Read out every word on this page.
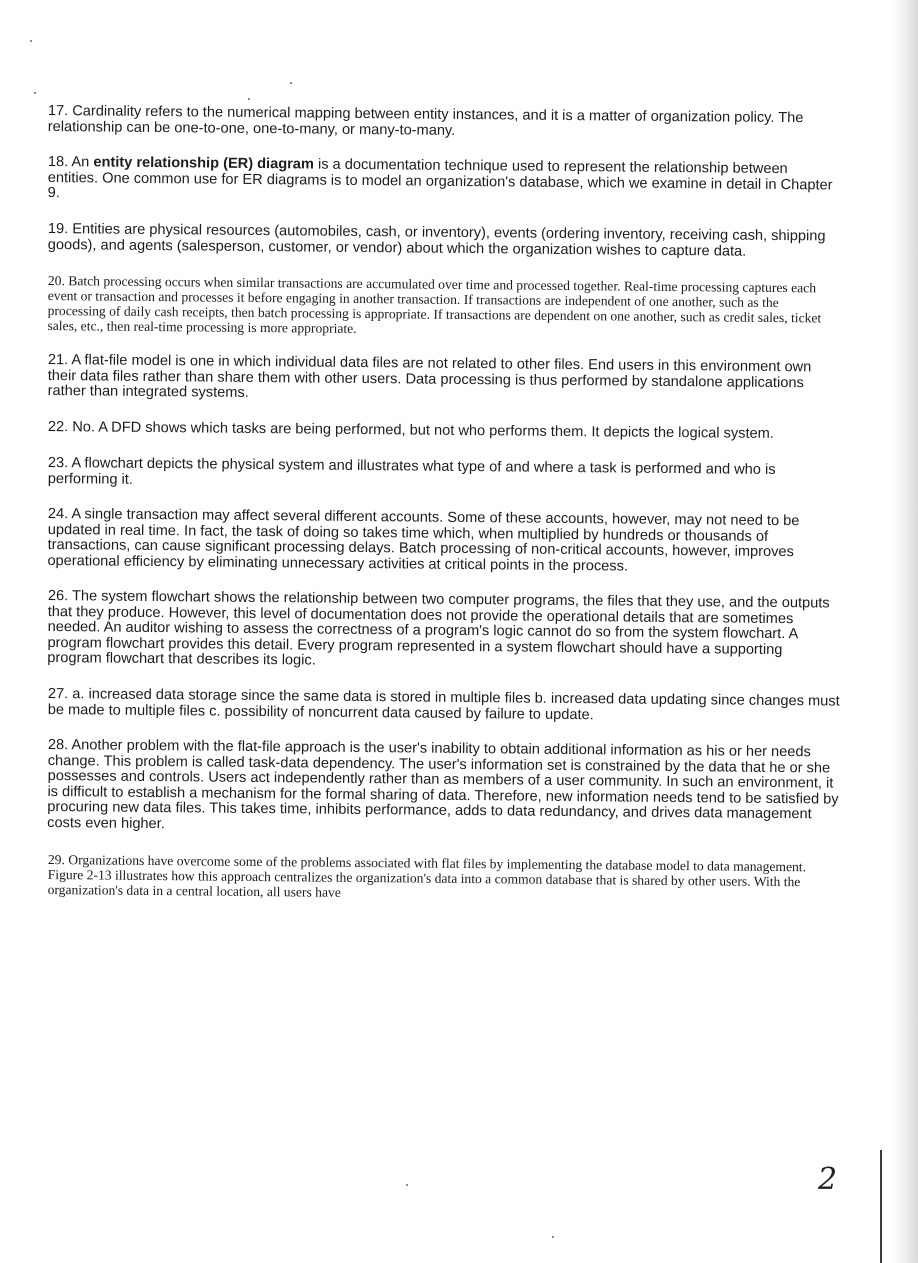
17. Cardinality refers to the numerical mapping between entity instances, and it is a matter of organization policy. The relationship can be one-to-one, one-to-many, or many-to-many.

18. An entity relationship (ER) diagram is a documentation technique used to represent the relationship between entities. One common use for ER diagrams is to model an organization's database, which we examine in detail in Chapter 9.

19. Entities are physical resources (automobiles, cash, or inventory), events (ordering inventory, receiving cash, shipping goods), and agents (salesperson, customer, or vendor) about which the organization wishes to capture data.

20. Batch processing occurs when similar transactions are accumulated over time and processed together. Real-time processing captures each event or transaction and processes it before engaging in another transaction. If transactions are independent of one another, such as the processing of daily cash receipts, then batch processing is appropriate. If transactions are dependent on one another, such as credit sales, ticket sales, etc., then real-time processing is more appropriate.

21. A flat-file model is one in which individual data files are not related to other files. End users in this environment own their data files rather than share them with other users. Data processing is thus performed by standalone applications rather than integrated systems.

22. No. A DFD shows which tasks are being performed, but not who performs them. It depicts the logical system.

23. A flowchart depicts the physical system and illustrates what type of and where a task is performed and who is performing it.

24. A single transaction may affect several different accounts. Some of these accounts, however, may not need to be updated in real time. In fact, the task of doing so takes time which, when multiplied by hundreds or thousands of transactions, can cause significant processing delays. Batch processing of non-critical accounts, however, improves operational efficiency by eliminating unnecessary activities at critical points in the process.

26. The system flowchart shows the relationship between two computer programs, the files that they use, and the outputs that they produce. However, this level of documentation does not provide the operational details that are sometimes needed. An auditor wishing to assess the correctness of a program's logic cannot do so from the system flowchart. A program flowchart provides this detail. Every program represented in a system flowchart should have a supporting program flowchart that describes its logic.

27. a. increased data storage since the same data is stored in multiple files b. increased data updating since changes must be made to multiple files c. possibility of noncurrent data caused by failure to update.

28. Another problem with the flat-file approach is the user's inability to obtain additional information as his or her needs change. This problem is called task-data dependency. The user's information set is constrained by the data that he or she possesses and controls. Users act independently rather than as members of a user community. In such an environment, it is difficult to establish a mechanism for the formal sharing of data. Therefore, new information needs tend to be satisfied by procuring new data files. This takes time, inhibits performance, adds to data redundancy, and drives data management costs even higher.

29. Organizations have overcome some of the problems associated with flat files by implementing the database model to data management. Figure 2-13 illustrates how this approach centralizes the organization's data into a common database that is shared by other users. With the organization's data in a central location, all users have

2
